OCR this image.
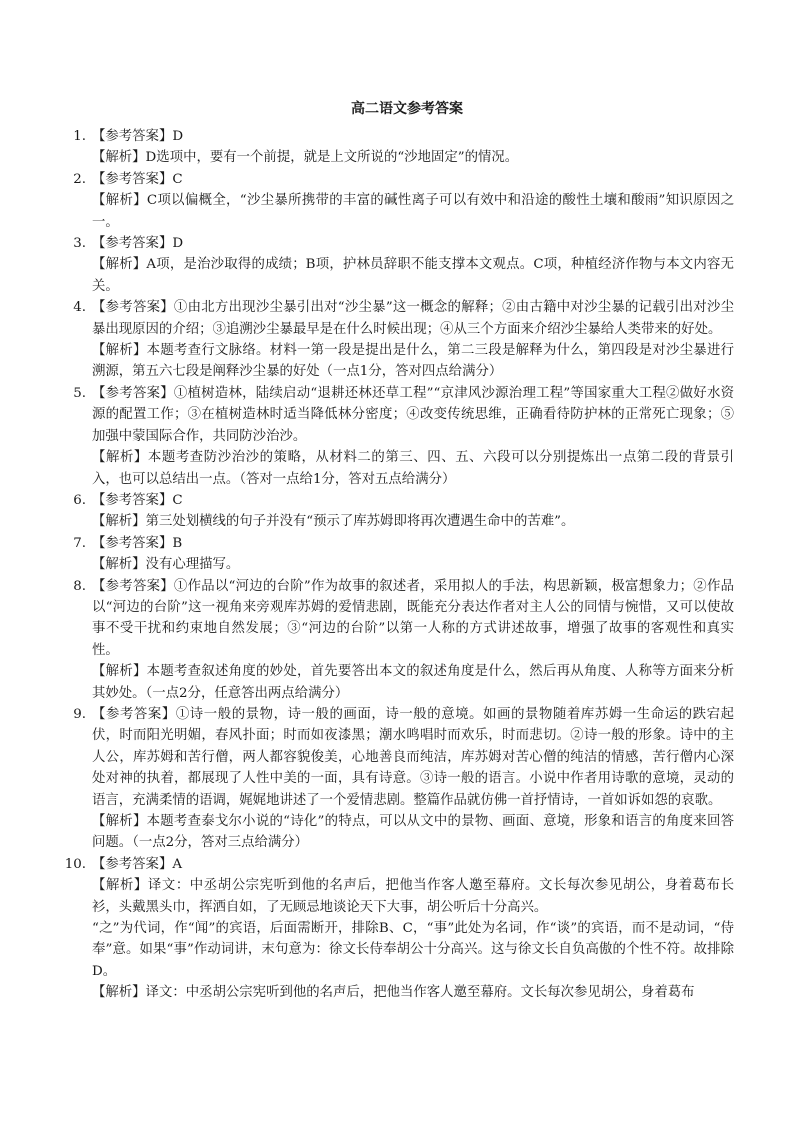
高二语文参考答案
1. 【参考答案】D
【解析】D选项中，要有一个前提，就是上文所说的“沙地固定”的情况。
2. 【参考答案】C
【解析】C项以偏概全，“沙尘暴所携带的丰富的碱性离子可以有效中和沿途的酸性土壤和酸雨”知识原因之一。
3. 【参考答案】D
【解析】A项，是治沙取得的成绩；B项，护林员辞职不能支撑本文观点。C项，种植经济作物与本文内容无关。
4. 【参考答案】①由北方出现沙尘暴引出对“沙尘暴”这一概念的解释；②由古籍中对沙尘暴的记载引出对沙尘暴出现原因的介绍；③追溯沙尘暴最早是在什么时候出现；④从三个方面来介绍沙尘暴给人类带来的好处。
【解析】本题考查行文脉络。材料一第一段是提出是什么，第二三段是解释为什么，第四段是对沙尘暴进行溯源，第五六七段是阐释沙尘暴的好处（一点1分，答对四点给满分）
5. 【参考答案】①植树造林，陆续启动“退耕还林还草工程”“京津风沙源治理工程”等国家重大工程②做好水资源的配置工作；③在植树造林时适当降低林分密度；④改变传统思维，正确看待防护林的正常死亡现象；⑤加强中蒙国际合作，共同防沙治沙。
【解析】本题考查防沙治沙的策略，从材料二的第三、四、五、六段可以分别提炼出一点第二段的背景引入，也可以总结出一点。（答对一点给1分，答对五点给满分）
6. 【参考答案】C
【解析】第三处划横线的句子并没有“预示了库苏姆即将再次遭遇生命中的苦难”。
7. 【参考答案】B
【解析】没有心理描写。
8. 【参考答案】①作品以“河边的台阶”作为故事的叙述者，采用拟人的手法，构思新颖，极富想象力；②作品以“河边的台阶”这一视角来旁观库苏姆的爱情悲剧，既能充分表达作者对主人公的同情与惋惜，又可以使故事不受干扰和约束地自然发展；③“河边的台阶”以第一人称的方式讲述故事，增强了故事的客观性和真实性。
【解析】本题考查叙述角度的妙处，首先要答出本文的叙述角度是什么，然后再从角度、人称等方面来分析其妙处。（一点2分，任意答出两点给满分）
9. 【参考答案】①诗一般的景物，诗一般的画面，诗一般的意境。如画的景物随着库苏姆一生命运的跌宕起伏，时而阳光明媚，春风扑面；时而如夜漆黑；潮水鸣唱时而欢乐，时而悲切。②诗一般的形象。诗中的主人公，库苏姆和苦行僧，两人都容貌俊美，心地善良而纯洁，库苏姆对苦心僧的纯洁的情感，苦行僧内心深处对神的执着，都展现了人性中美的一面，具有诗意。③诗一般的语言。小说中作者用诗歌的意境，灵动的语言，充满柔情的语调，娓娓地讲述了一个爱情悲剧。整篇作品就仿佛一首抒情诗，一首如诉如怨的哀歌。
【解析】本题考查泰戈尔小说的“诗化”的特点，可以从文中的景物、画面、意境，形象和语言的角度来回答问题。（一点2分，答对三点给满分）
10. 【参考答案】A
【解析】译文：中丞胡公宗宪听到他的名声后，把他当作客人邀至幕府。文长每次参见胡公，身着葛布长衫，头戴黑头巾，挥洒自如，了无顾忌地谈论天下大事，胡公听后十分高兴。
“之”为代词，作“闻”的宾语，后面需断开，排除B、C，“事”此处为名词，作“谈”的宾语，而不是动词，“侍奉”意。如果“事”作动词讲，末句意为：徐文长侍奉胡公十分高兴。这与徐文长自负高傲的个性不符。故排除D。
【解析】译文：中丞胡公宗宪听到他的名声后，把他当作客人邀至幕府。文长每次参见胡公，身着葛布
